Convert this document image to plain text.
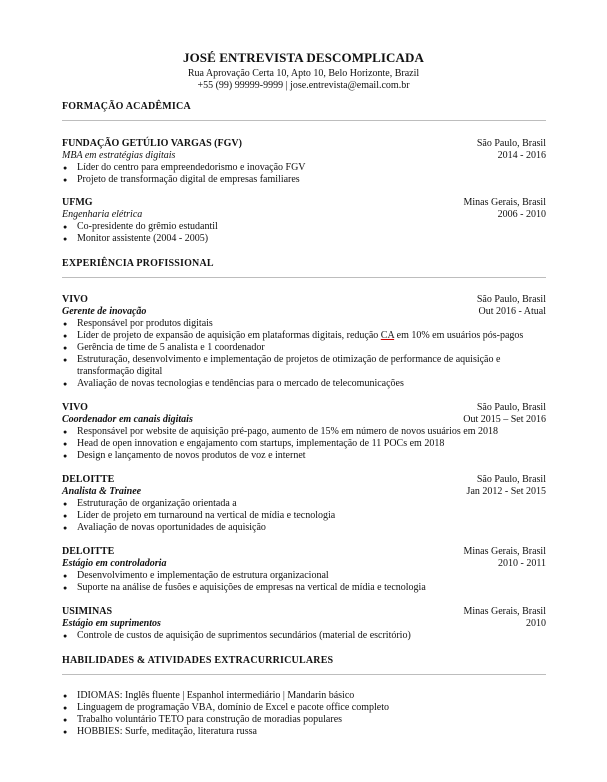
JOSÉ ENTREVISTA DESCOMPLICADA
Rua Aprovação Certa 10, Apto 10, Belo Horizonte, Brazil
+55 (99) 99999-9999 | jose.entrevista@email.com.br
FORMAÇÃO ACADÊMICA
FUNDAÇÃO GETÚLIO VARGAS (FGV)	São Paulo, Brasil
MBA em estratégias digitais	2014 - 2016
● Líder do centro para empreendedorismo e inovação FGV
● Projeto de transformação digital de empresas familiares
UFMG	Minas Gerais, Brasil
Engenharia elétrica	2006 - 2010
● Co-presidente do grêmio estudantil
● Monitor assistente (2004 - 2005)
EXPERIÊNCIA PROFISSIONAL
VIVO	São Paulo, Brasil
Gerente de inovação	Out 2016 - Atual
● Responsável por produtos digitais
● Líder de projeto de expansão de aquisição em plataformas digitais, redução CA em 10% em usuários pós-pagos
● Gerência de time de 5 analista e 1 coordenador
● Estruturação, desenvolvimento e implementação de projetos de otimização de performance de aquisição e transformação digital
● Avaliação de novas tecnologias e tendências para o mercado de telecomunicações
VIVO	São Paulo, Brasil
Coordenador em canais digitais	Out 2015 – Set 2016
● Responsável por website de aquisição pré-pago, aumento de 15% em número de novos usuários em 2018
● Head de open innovation e engajamento com startups, implementação de 11 POCs em 2018
● Design e lançamento de novos produtos de voz e internet
DELOITTE	São Paulo, Brasil
Analista & Trainee	Jan 2012 - Set 2015
● Estruturação de organização orientada a
● Líder de projeto em turnaround na vertical de mídia e tecnologia
● Avaliação de novas oportunidades de aquisição
DELOITTE	Minas Gerais, Brasil
Estágio em controladoria	2010 - 2011
● Desenvolvimento e implementação de estrutura organizacional
● Suporte na análise de fusões e aquisições de empresas na vertical de mídia e tecnologia
USIMINAS	Minas Gerais, Brasil
Estágio em suprimentos	2010
● Controle de custos de aquisição de suprimentos secundários (material de escritório)
HABILIDADES & ATIVIDADES EXTRACURRICULARES
● IDIOMAS: Inglês fluente | Espanhol intermediário | Mandarin básico
● Linguagem de programação VBA, domínio de Excel e pacote office completo
● Trabalho voluntário TETO para construção de moradias populares
● HOBBIES: Surfe, meditação, literatura russa
